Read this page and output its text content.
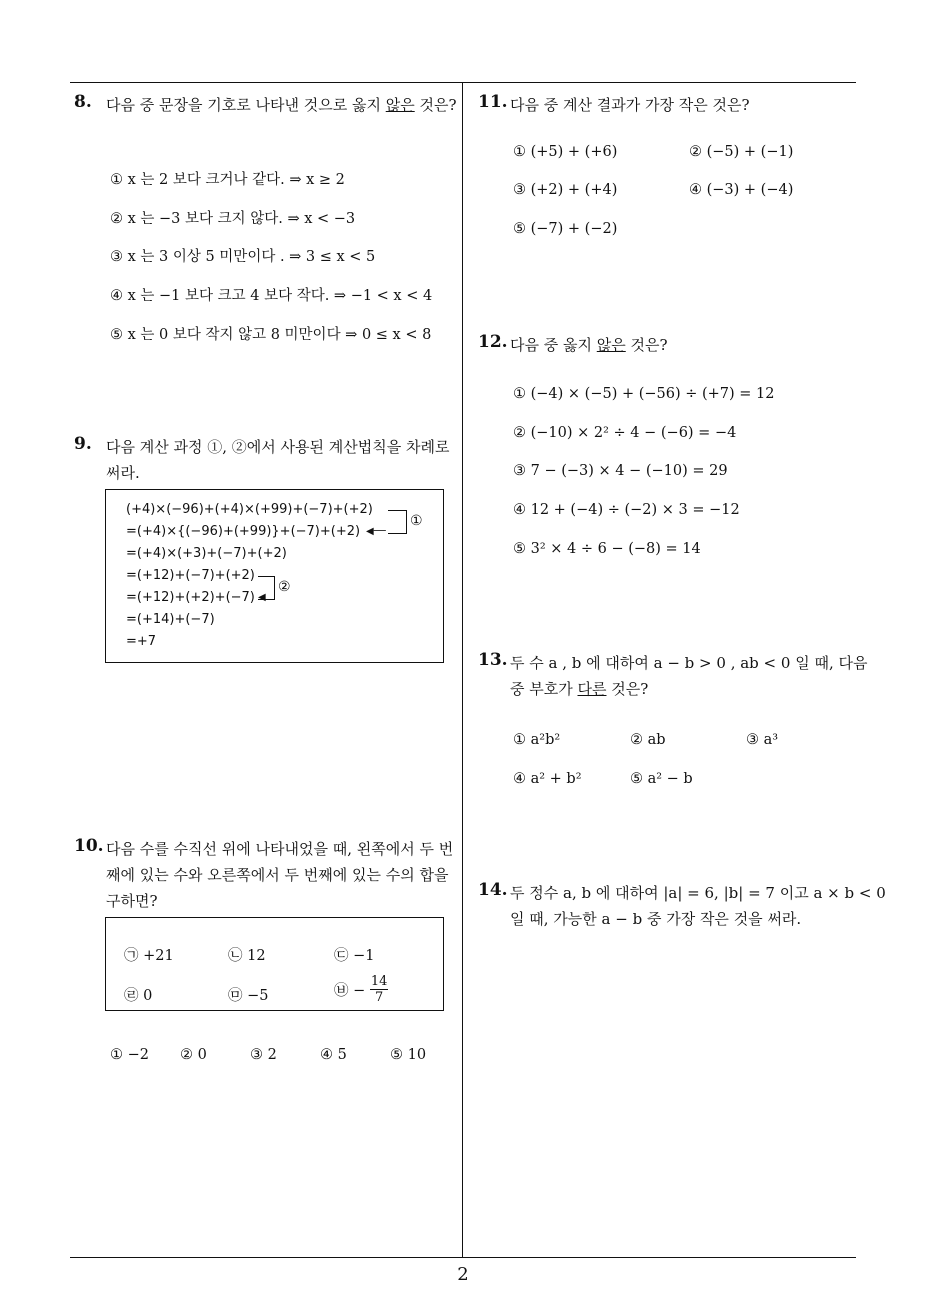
8. 다음 중 문장을 기호로 나타낸 것으로 옳지 않은 것은?
① x 는 2 보다 크거나 같다. ⇒ x ≥ 2
② x 는 −3 보다 크지 않다. ⇒ x < −3
③ x 는 3 이상 5 미만이다 . ⇒ 3 ≤ x < 5
④ x 는 −1 보다 크고 4 보다 작다. ⇒ −1 < x < 4
⑤ x 는 0 보다 작지 않고 8 미만이다 ⇒ 0 ≤ x < 8
9. 다음 계산 과정 ①, ②에서 사용된 계산법칙을 차례로 써라.
(+4)×(−96)+(+4)×(+99)+(−7)+(+2)
=(+4)×{(−96)+(+99)}+(−7)+(+2)
=(+4)×(+3)+(−7)+(+2)
=(+12)+(−7)+(+2)
=(+12)+(+2)+(−7)
=(+14)+(−7)
=+7
◀──
①
◀
②
10. 다음 수를 수직선 위에 나타내었을 때, 왼쪽에서 두 번째에 있는 수와 오른쪽에서 두 번째에 있는 수의 합을 구하면?
㉠ +21	㉡ 12	㉢ −1
㉣ 0	㉤ −5	㉥ − $\frac{14}{7}$
① −2 ② 0	③ 2	④ 5	⑤ 10
11. 다음 중 계산 결과가 가장 작은 것은?
① (+5) + (+6)	② (−5) + (−1)
③ (+2) + (+4)	④ (−3) + (−4)
⑤ (−7) + (−2)
12. 다음 중 옳지 않은 것은?
① (−4) × (−5) + (−56) ÷ (+7) = 12
② (−10) × 2² ÷ 4 − (−6) = −4
③ 7 − (−3) × 4 − (−10) = 29
④ 12 + (−4) ÷ (−2) × 3 = −12
⑤ 3² × 4 ÷ 6 − (−8) = 14
13. 두 수 a , b 에 대하여 a − b > 0 , ab < 0 일 때, 다음
중 부호가 다른 것은?
① a²b²	② ab	③ a³
④ a² + b²	⑤ a² − b
14. 두 정수 a, b 에 대하여 |a| = 6, |b| = 7 이고 a × b < 0
일 때, 가능한 a − b 중 가장 작은 것을 써라.
2
